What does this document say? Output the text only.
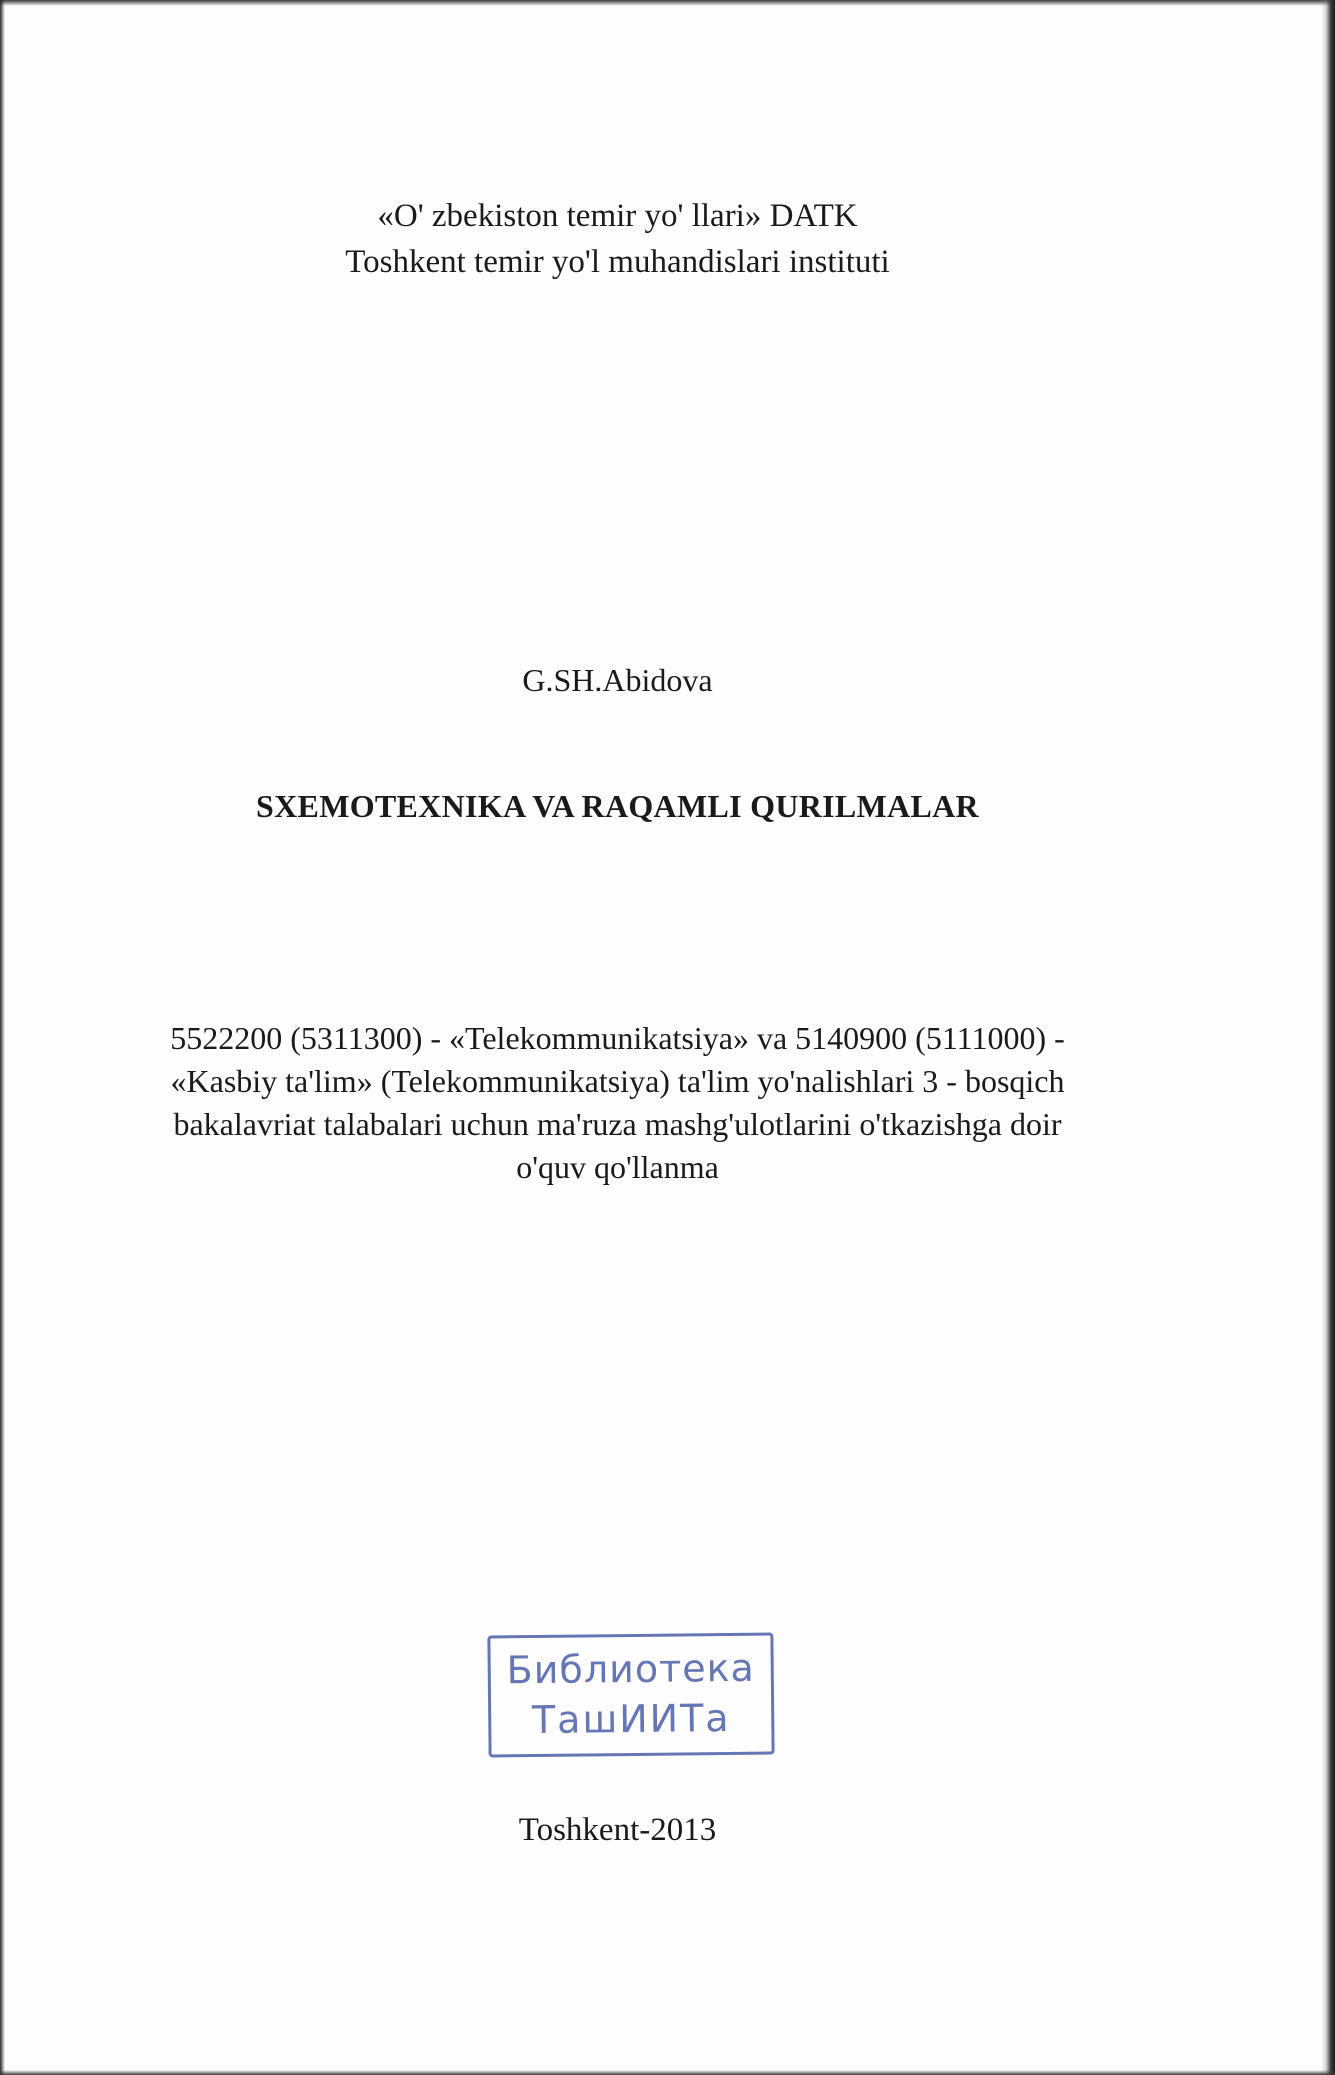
«O' zbekiston temir yo' llari» DATK
Toshkent temir yo'l muhandislari instituti
G.SH.Abidova
SXEMOTEXNIKA VA RAQAMLI QURILMALAR

5522200 (5311300) - «Telekommunikatsiya» va 5140900 (5111000) -

«Kasbiy ta'lim» (Telekommunikatsiya) ta'lim yo'nalishlari 3 - bosqich

bakalavriat talabalari uchun ma'ruza mashg'ulotlarini o'tkazishga doir

o'quv qo'llanma

Библиотека
ТашИИТа
Toshkent-2013
